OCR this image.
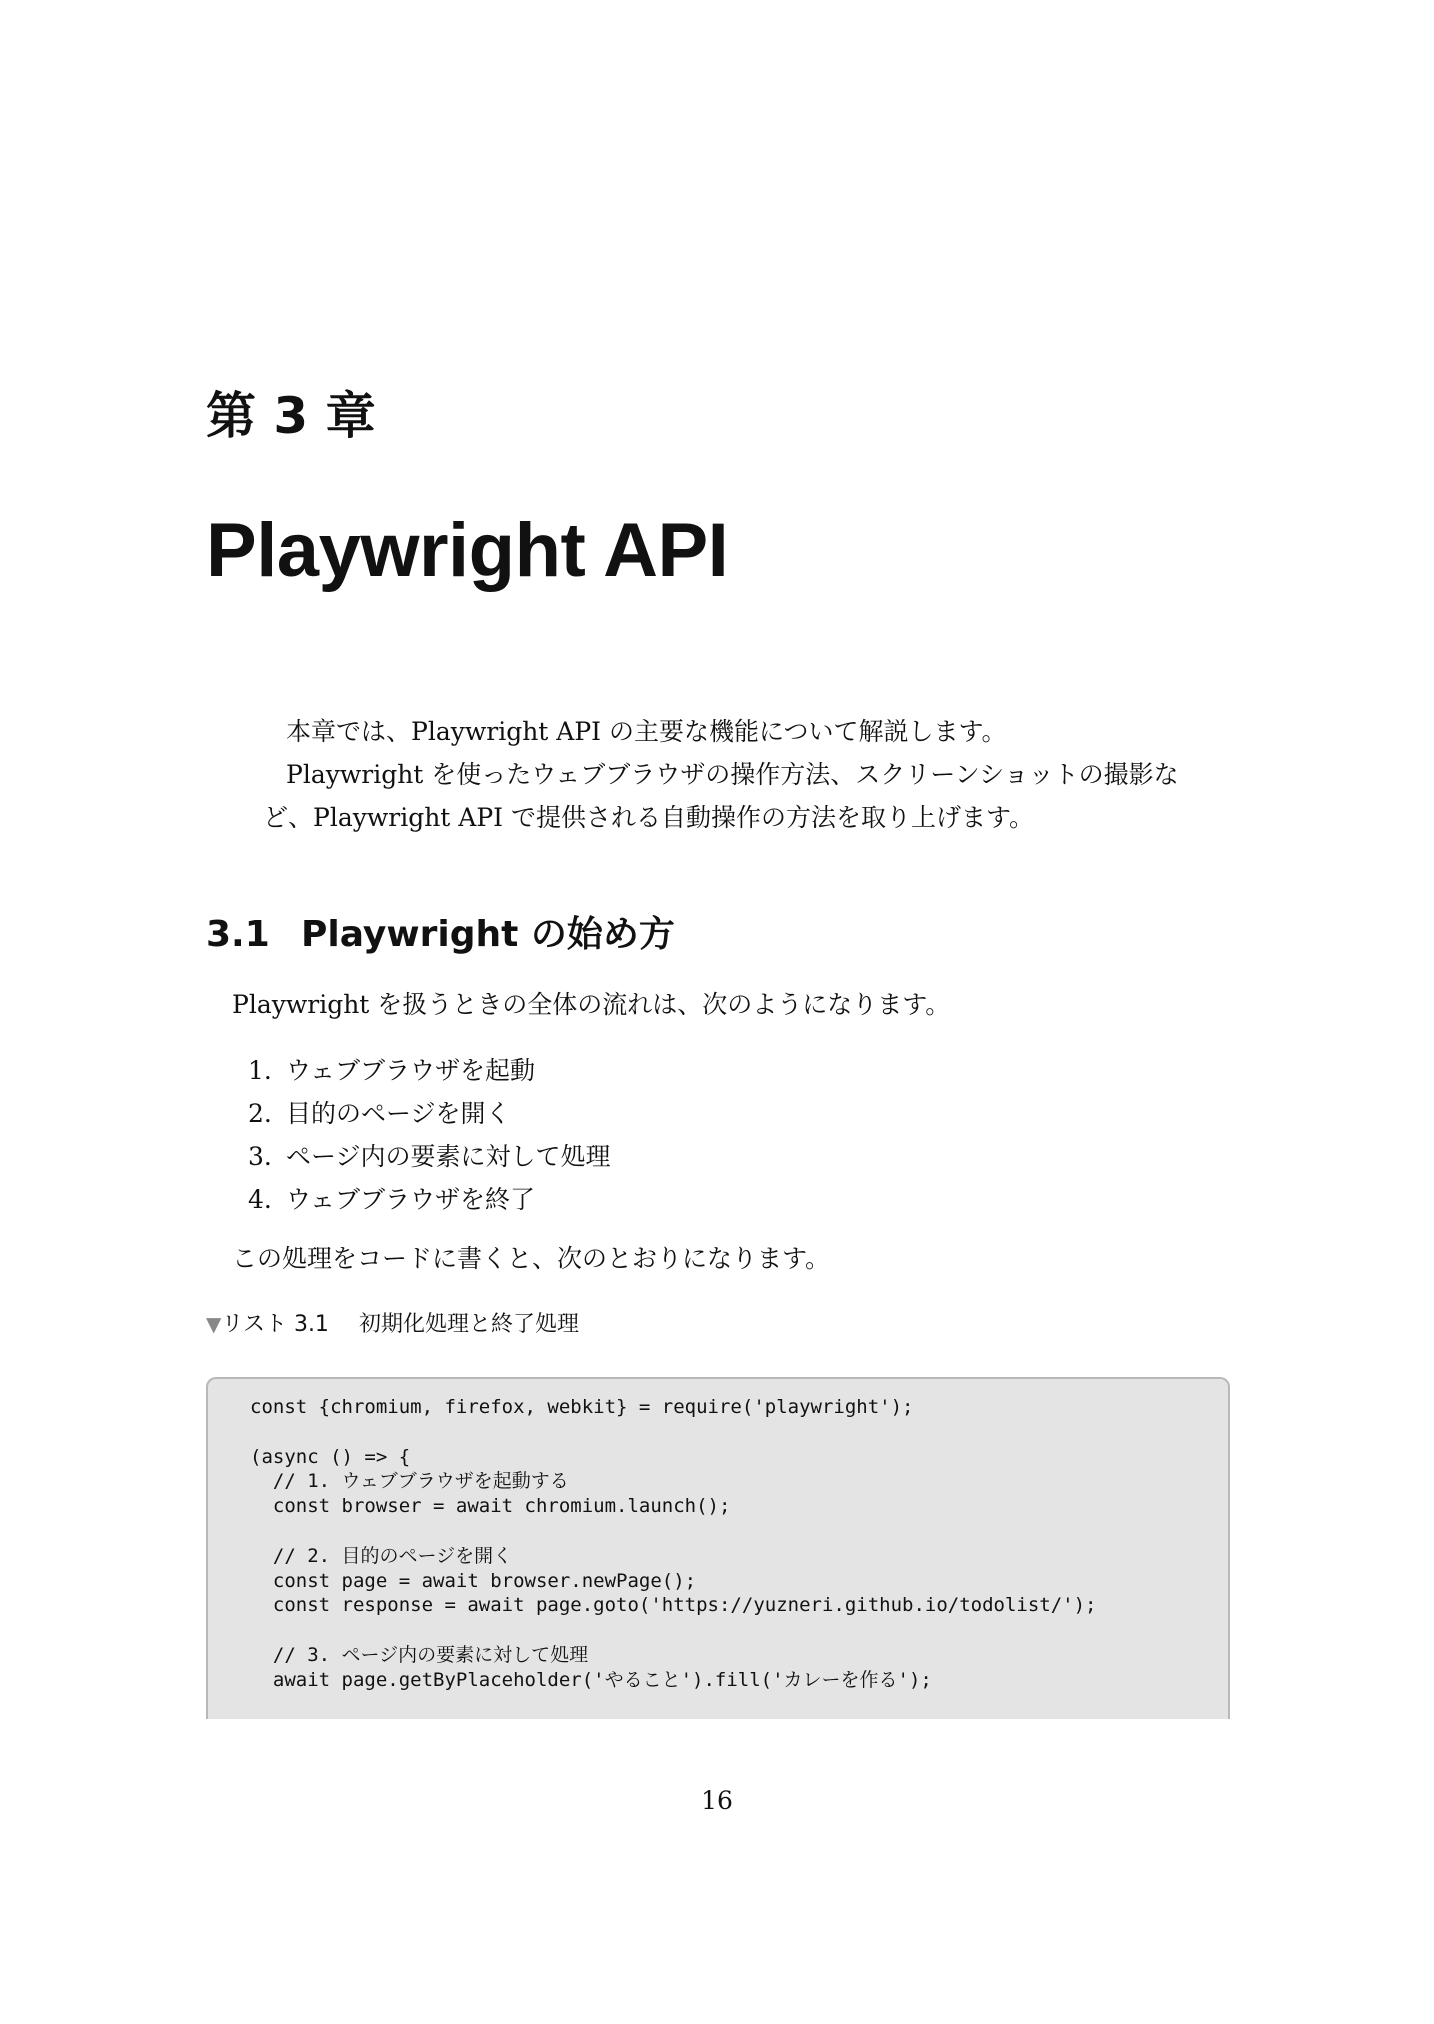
第 3 章
Playwright API

本章では、Playwright API の主要な機能について解説します。

Playwright を使ったウェブブラウザの操作方法、スクリーンショットの撮影な

ど、Playwright API で提供される自動操作の方法を取り上げます。

3.1 Playwright の始め方

Playwright を扱うときの全体の流れは、次のようになります。

1. ウェブブラウザを起動
2. 目的のページを開く
3. ページ内の要素に対して処理
4. ウェブブラウザを終了

この処理をコードに書くと、次のとおりになります。

▼リスト 3.1 初期化処理と終了処理

const {chromium, firefox, webkit} = require('playwright');

(async () => {
// 1. ウェブブラウザを起動する
const browser = await chromium.launch();

// 2. 目的のページを開く
const page = await browser.newPage();
const response = await page.goto('https://yuzneri.github.io/todolist/');

// 3. ページ内の要素に対して処理
await page.getByPlaceholder('やること').fill('カレーを作る');

16
